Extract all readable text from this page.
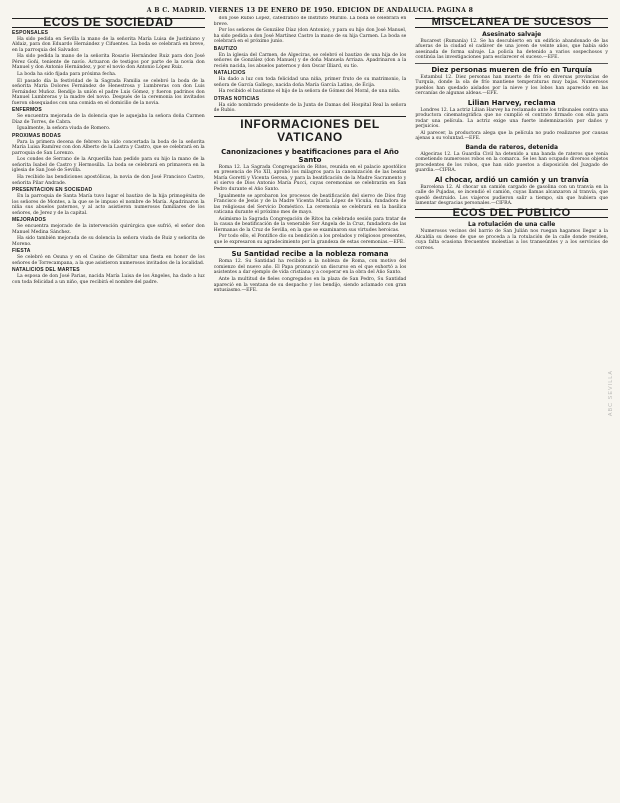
A B C. MADRID. VIERNES 13 DE ENERO DE 1950. EDICION DE ANDALUCIA. PAGINA 8
ECOS DE SOCIEDAD
ESPONSALES

Ha sido pedida en Sevilla la mano de la señorita María Luisa de Justiniano y Aldaiz, para don Eduardo Hernández y Cifuentes. La boda se celebrará en breve, en la parroquia del Salvador.

Ha sido pedida la mano de la señorita Rosario Hernández Ruiz para don José Pérez Goñi, teniente de navío. Actuaron de testigos por parte de la novia don Manuel y don Antonio Hernández, y por el novio don Antonio López Ruiz.

La boda ha sido fijada para próxima fecha.

El pasado día la festividad de la Sagrada Familia se celebró la boda de la señorita María Dolores Fernández de Henestrosa y Lumbreras con don Luis Fernández Muñoz. Bendijo la unión el padre Luis Gómez, y fueron padrinos don Manuel Lumbreras y la madre del novio. Después de la ceremonia los invitados fueron obsequiados con una comida en el domicilio de la novia.

ENFERMOS

Se encuentra mejorada de la dolencia que le aquejaba la señora doña Carmen Díaz de Torres, de Cabra.

Igualmente, la señora viuda de Romero.

PROXIMAS BODAS

Para la primera decena de febrero ha sido concertada la boda de la señorita María Luisa Ramírez con don Alberto de la Lastra y Castro, que se celebrará en la parroquia de San Lorenzo.

Los condes de Serrano de la Arquerilla han pedido para su hijo la mano de la señorita Isabel de Castro y Hermosilla. La boda se celebrará en primavera en la iglesia de San José de Sevilla.

Ha recibido las bendiciones apostólicas, la novia de don José Francisco Castro, señorita Pilar Andrade.

PRESENTACION EN SOCIEDAD

En la parroquia de Santa María tuvo lugar el bautizo de la hija primogénita de los señores de Montes, a la que se le impuso el nombre de María. Apadrinaron la niña sus abuelos paternos, y al acto asistieron numerosos familiares de los señores, de Jerez y de la capital.

MEJORADOS

Se encuentra mejorado de la intervención quirúrgica que sufrió, el señor don Manuel Medina Sánchez.

Ha sido también mejorada de su dolencia la señora viuda de Ruiz y señorita de Moreno.

FIESTA

Se celebró en Osuna y en el Casino de Gibraltar una fiesta en honor de los señores de Torrecampana, a la que asistieron numerosos invitados de la localidad.

NATALICIOS DEL MARTES

La esposa de don José Parias, nacida María Luisa de los Ángeles, ha dado a luz con toda felicidad a un niño, que recibirá el nombre del padre.

don José Rubio López, catedrático de Instituto Murillo. La boda se celebrará en breve.

Por los señores de González Díaz (don Antonio), y para su hijo don José Manuel, ha sido pedida a don José Martínez Castro la mano de su hija Carmen. La boda se celebrará en el próximo junio.

BAUTIZO

En la iglesia del Carmen, de Algeciras, se celebró el bautizo de una hija de los señores de González (don Manuel) y de doña Manuela Arriaza. Apadrinaron a la recién nacida, los abuelos paternos y don Oscar Illiard, su tío.

NATALICIOS

Ha dado a luz con toda felicidad una niña, primer fruto de su matrimonio, la señora de García Gallego, nacida doña María García Latino, de Écija.

Ha recibido el bautismo el hijo de la señora de Gómez del Moral, de una niña.

OTRAS NOTICIAS

Ha sido nombrado presidente de la Junta de Damas del Hospital Real la señora de Rubio.

INFORMACIONES DEL VATICANO
Canonizaciones y beatificaciones para el Año Santo

Roma 12. La Sagrada Congregación de Ritos, reunida en el palacio apostólico en presencia de Pío XII, aprobó los milagros para la canonización de las beatas María Goretti y Vicenta Gerosa, y para la beatificación de la Madre Sacramento y el siervo de Dios Antonio María Pucci, cuyas ceremonias se celebrarán en San Pedro durante el Año Santo.

Igualmente se aprobaron los procesos de beatificación del siervo de Dios fray Francisco de Jesús y de la Madre Vicenta María López de Vicuña, fundadora de las religiosas del Servicio Doméstico. La ceremonia se celebrará en la basílica vaticana durante el próximo mes de mayo.

Asimismo la Sagrada Congregación de Ritos ha celebrado sesión para tratar de la causa de beatificación de la venerable Sor Ángela de la Cruz, fundadora de las Hermanas de la Cruz de Sevilla, en la que se examinaron sus virtudes heroicas.

Por todo ello, el Pontífice dio su bendición a los prelados y religiosos presentes, que le expresaron su agradecimiento por la grandeza de estas ceremonias.—EFE.

Su Santidad recibe a la nobleza romana

Roma 12. Su Santidad ha recibido a la nobleza de Roma, con motivo del comienzo del nuevo año. El Papa pronunció un discurso en el que exhortó a los asistentes a dar ejemplo de vida cristiana y a cooperar en la obra del Año Santo.

Ante la multitud de fieles congregados en la plaza de San Pedro, Su Santidad apareció en la ventana de su despacho y los bendijo, siendo aclamado con gran entusiasmo.—EFE.

MISCELANEA DE SUCESOS
Asesinato salvaje

Bucarest (Rumanía) 12. Se ha descubierto en un edificio abandonado de las afueras de la ciudad el cadáver de una joven de veinte años, que había sido asesinada de forma salvaje. La policía ha detenido a varios sospechosos y continúa las investigaciones para esclarecer el suceso.—EFE.

Diez personas mueren de frío en Turquía

Estambul 12. Diez personas han muerto de frío en diversas provincias de Turquía, donde la ola de frío mantiene temperaturas muy bajas. Numerosos pueblos han quedado aislados por la nieve y los lobos han aparecido en las cercanías de algunas aldeas.—EFE.

Lilian Harvey, reclama

Londres 12. La actriz Lilian Harvey ha reclamado ante los tribunales contra una productora cinematográfica que no cumplió el contrato firmado con ella para rodar una película. La actriz exige una fuerte indemnización por daños y perjuicios.

Al parecer, la productora alega que la película no pudo realizarse por causas ajenas a su voluntad.—EFE.

Banda de rateros, detenida

Algeciras 12. La Guardia Civil ha detenido a una banda de rateros que venía cometiendo numerosos robos en la comarca. Se les han ocupado diversos objetos procedentes de los robos, que han sido puestos a disposición del Juzgado de guardia.—CIFRA.

Al chocar, ardió un camión y un tranvía

Barcelona 12. Al chocar un camión cargado de gasolina con un tranvía en la calle de Pujadas, se incendió el camión, cuyas llamas alcanzaron al tranvía, que quedó destruido. Los viajeros pudieron salir a tiempo, sin que hubiera que lamentar desgracias personales.—CIFRA.

ECOS DEL PUBLICO
La rotulación de una calle

Numerosos vecinos del barrio de San Julián nos ruegan hagamos llegar a la Alcaldía su deseo de que se proceda a la rotulación de la calle donde residen, cuya falta ocasiona frecuentes molestias a los transeúntes y a los servicios de correos.

ABC SEVILLA
